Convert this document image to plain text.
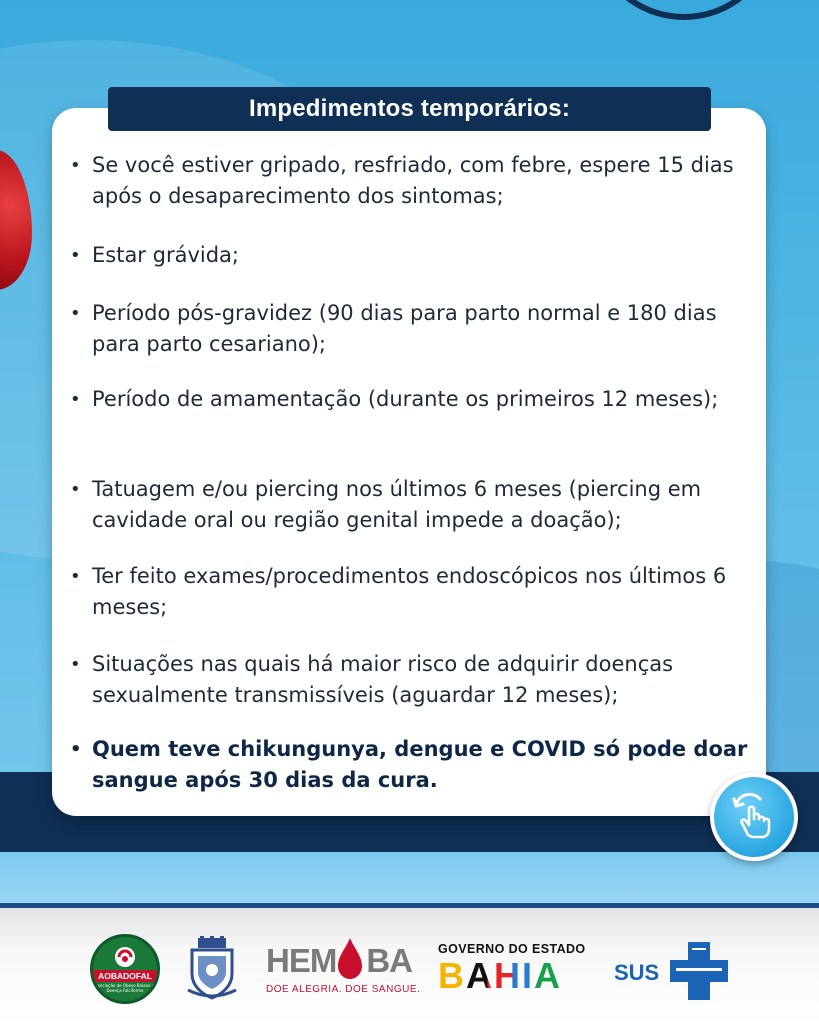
Impedimentos temporários:
• Se você estiver gripado, resfriado, com febre, espere 15 dias após o desaparecimento dos sintomas;
• Estar grávida;
• Período pós-gravidez (90 dias para parto normal e 180 dias para parto cesariano);
• Período de amamentação (durante os primeiros 12 meses);
• Tatuagem e/ou piercing nos últimos 6 meses (piercing em cavidade oral ou região genital impede a doação);
• Ter feito exames/procedimentos endoscópicos nos últimos 6 meses;
• Situações nas quais há maior risco de adquirir doenças sexualmente transmissíveis (aguardar 12 meses);
• Quem teve chikungunya, dengue e COVID só pode doar sangue após 30 dias da cura.
AOBADOFAL
Associação de Obeso Baiano de Doença Falciforme
HEM BA
DOE ALEGRIA. DOE SANGUE.
GOVERNO DO ESTADO
BAHIA SUS
